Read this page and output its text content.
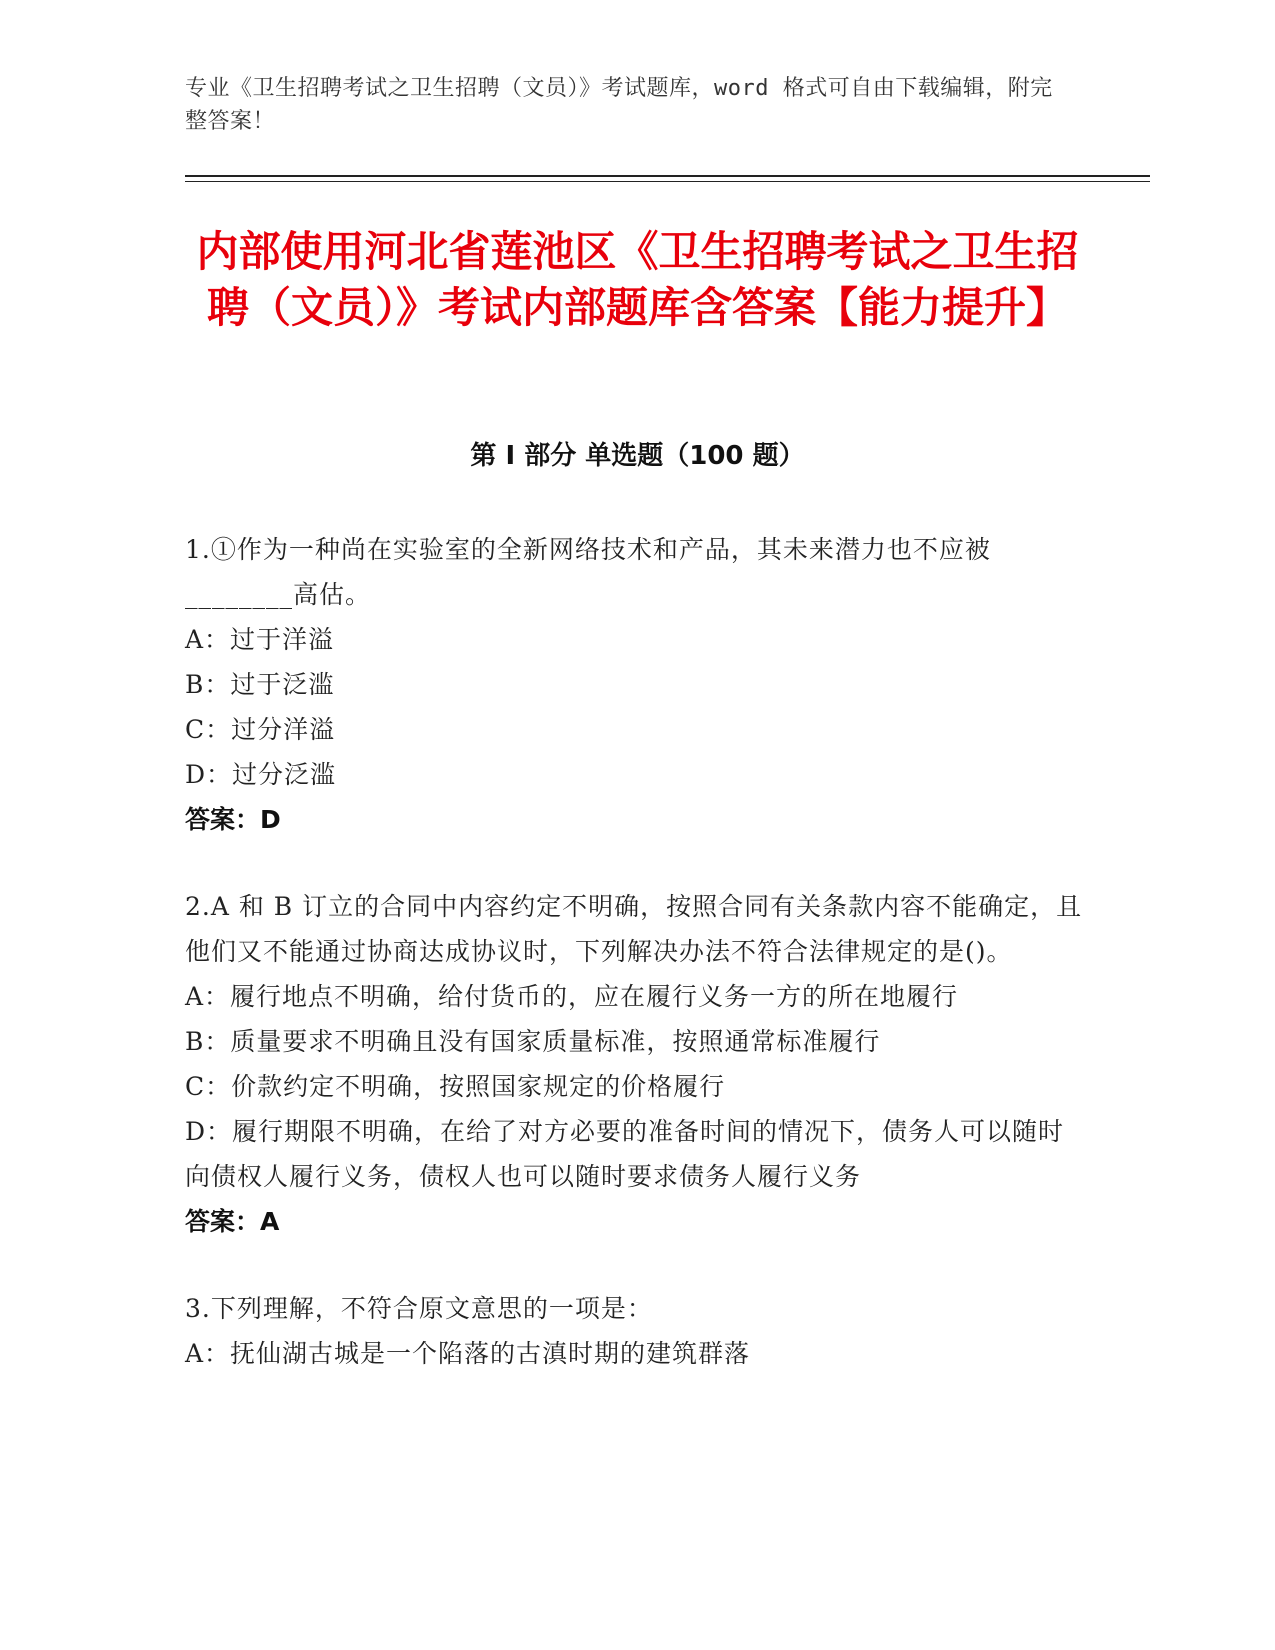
专业《卫生招聘考试之卫生招聘（文员）》考试题库，word 格式可自由下载编辑，附完整答案！
内部使用河北省莲池区《卫生招聘考试之卫生招聘（文员）》考试内部题库含答案【能力提升】
第 I 部分 单选题（100 题）
1.①作为一种尚在实验室的全新网络技术和产品，其未来潜力也不应被________高估。
A：过于洋溢
B：过于泛滥
C：过分洋溢
D：过分泛滥
答案：D
2.A 和 B 订立的合同中内容约定不明确，按照合同有关条款内容不能确定，且他们又不能通过协商达成协议时，下列解决办法不符合法律规定的是()。
A：履行地点不明确，给付货币的，应在履行义务一方的所在地履行
B：质量要求不明确且没有国家质量标准，按照通常标准履行
C：价款约定不明确，按照国家规定的价格履行
D：履行期限不明确，在给了对方必要的准备时间的情况下，债务人可以随时向债权人履行义务，债权人也可以随时要求债务人履行义务
答案：A
3.下列理解，不符合原文意思的一项是：
A：抚仙湖古城是一个陷落的古滇时期的建筑群落
